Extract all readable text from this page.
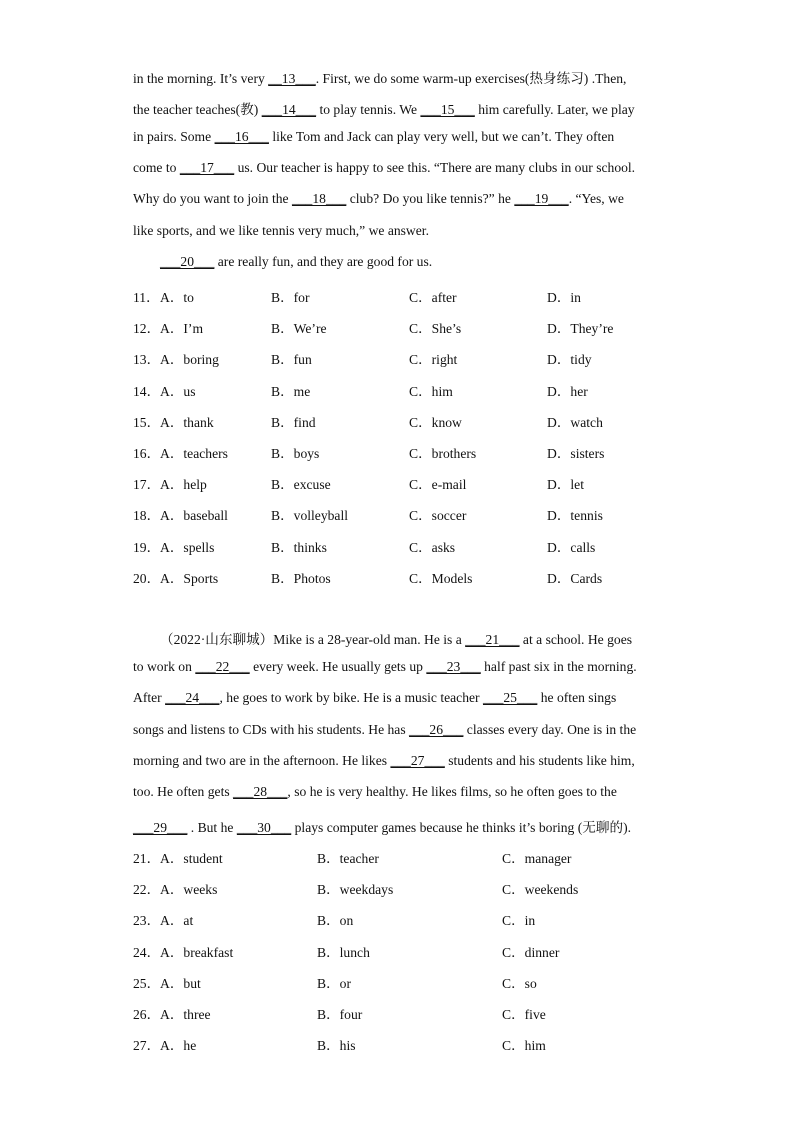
in the morning. It’s very __13___. First, we do some warm-up exercises(热身练习) .Then,
the teacher teaches(教) ___14___ to play tennis. We ___15___ him carefully. Later, we play
in pairs. Some ___16___ like Tom and Jack can play very well, but we can’t. They often
come to ___17___ us. Our teacher is happy to see this. “There are many clubs in our school.
Why do you want to join the ___18___ club? Do you like tennis?” he ___19___. “Yes, we
like sports, and we like tennis very much,” we answer.
___20___ are really fun, and they are good for us.
11． A．to	B．for	C．after	D．in
12． A．I’m	B．We’re	C．She’s	D．They’re
13． A．boring	B．fun	C．right	D．tidy
14． A．us	B．me	C．him	D．her
15． A．thank	B．find	C．know	D．watch
16． A．teachers	B．boys	C．brothers	D．sisters
17． A．help	B．excuse	C．e-mail	D．let
18． A．baseball	B．volleyball	C．soccer	D．tennis
19． A．spells	B．thinks	C．asks	D．calls
20． A．Sports	B．Photos	C．Models	D．Cards
（2022·山东聊城）Mike is a 28-year-old man. He is a ___21___ at a school. He goes
to work on ___22___ every week. He usually gets up ___23___ half past six in the morning.
After ___24___, he goes to work by bike. He is a music teacher ___25___ he often sings
songs and listens to CDs with his students. He has ___26___ classes every day. One is in the
morning and two are in the afternoon. He likes ___27___ students and his students like him,
too. He often gets ___28___, so he is very healthy. He likes films, so he often goes to the
___29___ . But he ___30___ plays computer games because he thinks it’s boring (无聊的).
21． A．student	B．teacher	C．manager
22． A．weeks	B．weekdays	C．weekends
23． A．at	B．on	C．in
24． A．breakfast	B．lunch	C．dinner
25． A．but	B．or	C．so
26． A．three	B．four	C．five
27． A．he	B．his	C．him
